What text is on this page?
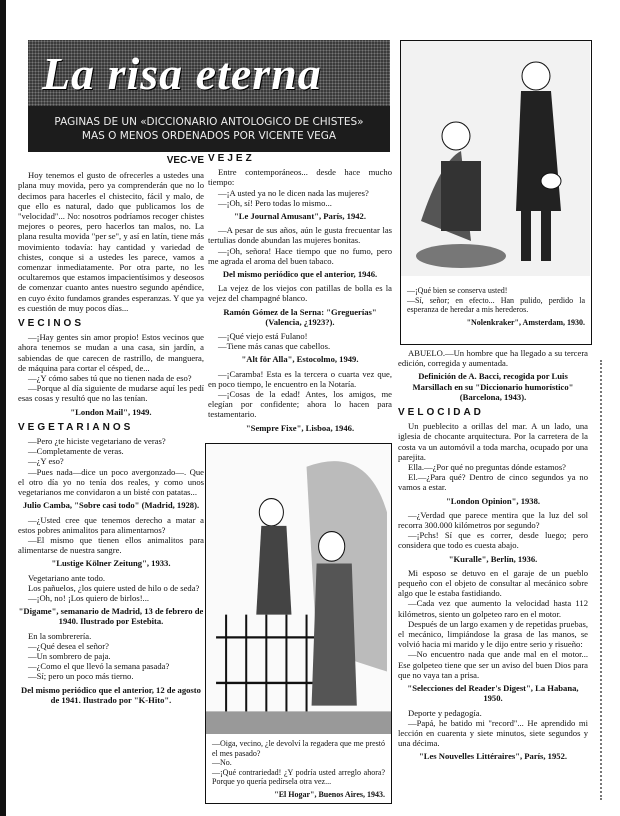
La risa eterna
PAGINAS DE UN «DICCIONARIO ANTOLOGICO DE CHISTES»
MAS O MENOS ORDENADOS POR VICENTE VEGA
VEC-VE

Hoy tenemos el gusto de ofrecerles a ustedes una plana muy movida, pero ya comprenderán que no lo decimos para hacerles el chistecito, fácil y malo, de que ello es natural, dado que publicamos los de "velocidad"... No: nosotros podríamos recoger chistes mejores o peores, pero hacerlos tan malos, no. La plana resulta movida "per se", y así en latín, tiene más movimiento todavía: hay cantidad y variedad de chistes, conque si a ustedes les parece, vamos a comenzar inmediatamente. Por otra parte, no les ocultaremos que estamos impacientísimos y deseosos de comenzar cuanto antes nuestro segundo apéndice, en cuyo éxito fundamos grandes esperanzas. Y que ya es cuestión de muy pocos días...

VECINOS

—¡Hay gentes sin amor propio! Estos vecinos que ahora tenemos se mudan a una casa, sin jardín, a sabiendas de que carecen de rastrillo, de manguera, de máquina para cortar el césped, de...

—¿Y cómo sabes tú que no tienen nada de eso?

—Porque al día siguiente de mudarse aquí les pedí esas cosas y resultó que no las tenían.

"London Mail", 1949.

VEGETARIANOS

—Pero ¿te hiciste vegetariano de veras?

—Completamente de veras.

—¿Y eso?

—Pues nada—dice un poco avergonzado—. Que el otro día yo no tenía dos reales, y como unos vegetarianos me convidaron a un bisté con patatas...

Julio Camba, "Sobre casi todo" (Madrid, 1928).

—¿Usted cree que tenemos derecho a matar a estos pobres animalitos para alimentarnos?

—El mismo que tienen ellos animalitos para alimentarse de nuestra sangre.

"Lustige Kölner Zeitung", 1933.

Vegetariano ante todo.

Los pañuelos, ¿los quiere usted de hilo o de seda?

—¡Oh, no! ¡Los quiero de birlos!...

"Digame", semanario de Madrid, 13 de febrero de 1940. Ilustrado por Estebita.

En la sombrerería.

—¿Qué desea el señor?

—Un sombrero de paja.

—¿Como el que llevó la semana pasada?

—Sí; pero un poco más tierno.

Del mismo periódico que el anterior, 12 de agosto de 1941. Ilustrado por "K-Hito".

VEJEZ

Entre contemporáneos... desde hace mucho tiempo:

—¡A usted ya no le dicen nada las mujeres?

—¡Oh, sí! Pero todas lo mismo...

"Le Journal Amusant", París, 1942.

—A pesar de sus años, aún le gusta frecuentar las tertulias donde abundan las mujeres bonitas.

—¡Oh, señora! Hace tiempo que no fumo, pero me agrada el aroma del buen tabaco.

Del mismo periódico que el anterior, 1946.

La vejez de los viejos con patillas de bolla es la vejez del champagné blanco.

Ramón Gómez de la Serna: "Greguerías" (Valencia, ¿1923?).

—¡Qué viejo está Fulano!

—Tiene más canas que cabellos.

"Alt för Alla", Estocolmo, 1949.

—¡Caramba! Esta es la tercera o cuarta vez que, en poco tiempo, le encuentro en la Notaría.

—¡Cosas de la edad! Antes, los amigos, me elegían por confidente; ahora lo hacen para testamentario.

"Sempre Fixe", Lisboa, 1946.

—Oiga, vecino, ¿le devolví la regadera que me prestó el mes pasado?

—No.

—¡Qué contrariedad! ¿Y podría usted arreglo ahora? Porque yo quería pedírsela otra vez...

"El Hogar", Buenos Aires, 1943.

—¡Qué bien se conserva usted!

—Sí, señor; en efecto... Han pulido, perdido la esperanza de heredar a mis herederos.

"Nolenkraker", Amsterdam, 1930.

ABUELO.—Un hombre que ha llegado a su tercera edición, corregida y aumentada.

Definición de A. Bacci, recogida por Luis Marsillach en su "Diccionario humorístico" (Barcelona, 1943).

VELOCIDAD

Un pueblecito a orillas del mar. A un lado, una iglesia de chocante arquitectura. Por la carretera de la costa va un automóvil a toda marcha, ocupado por una parejita.

Ella.—¿Por qué no preguntas dónde estamos?

El.—¿Para qué? Dentro de cinco segundos ya no vamos a estar.

"London Opinion", 1938.

—¿Verdad que parece mentira que la luz del sol recorra 300.000 kilómetros por segundo?

—¡Pchs! Sí que es correr, desde luego; pero considera que todo es cuesta abajo.

"Kuralle", Berlín, 1936.

Mi esposo se detuvo en el garaje de un pueblo pequeño con el objeto de consultar al mecánico sobre algo que le estaba fastidiando.

—Cada vez que aumento la velocidad hasta 112 kilómetros, siento un golpeteo raro en el motor.

Después de un largo examen y de repetidas pruebas, el mecánico, limpiándose la grasa de las manos, se volvió hacia mi marido y le dijo entre serio y risueño:

—No encuentro nada que ande mal en el motor... Ese golpeteo tiene que ser un aviso del buen Dios para que no vaya tan a prisa.

"Selecciones del Reader's Digest", La Habana, 1950.

Deporte y pedagogía.

—Papá, he batido mi "record"... He aprendido mi lección en cuarenta y siete minutos, siete segundos y una décima.

"Les Nouvelles Littéraires", París, 1952.
